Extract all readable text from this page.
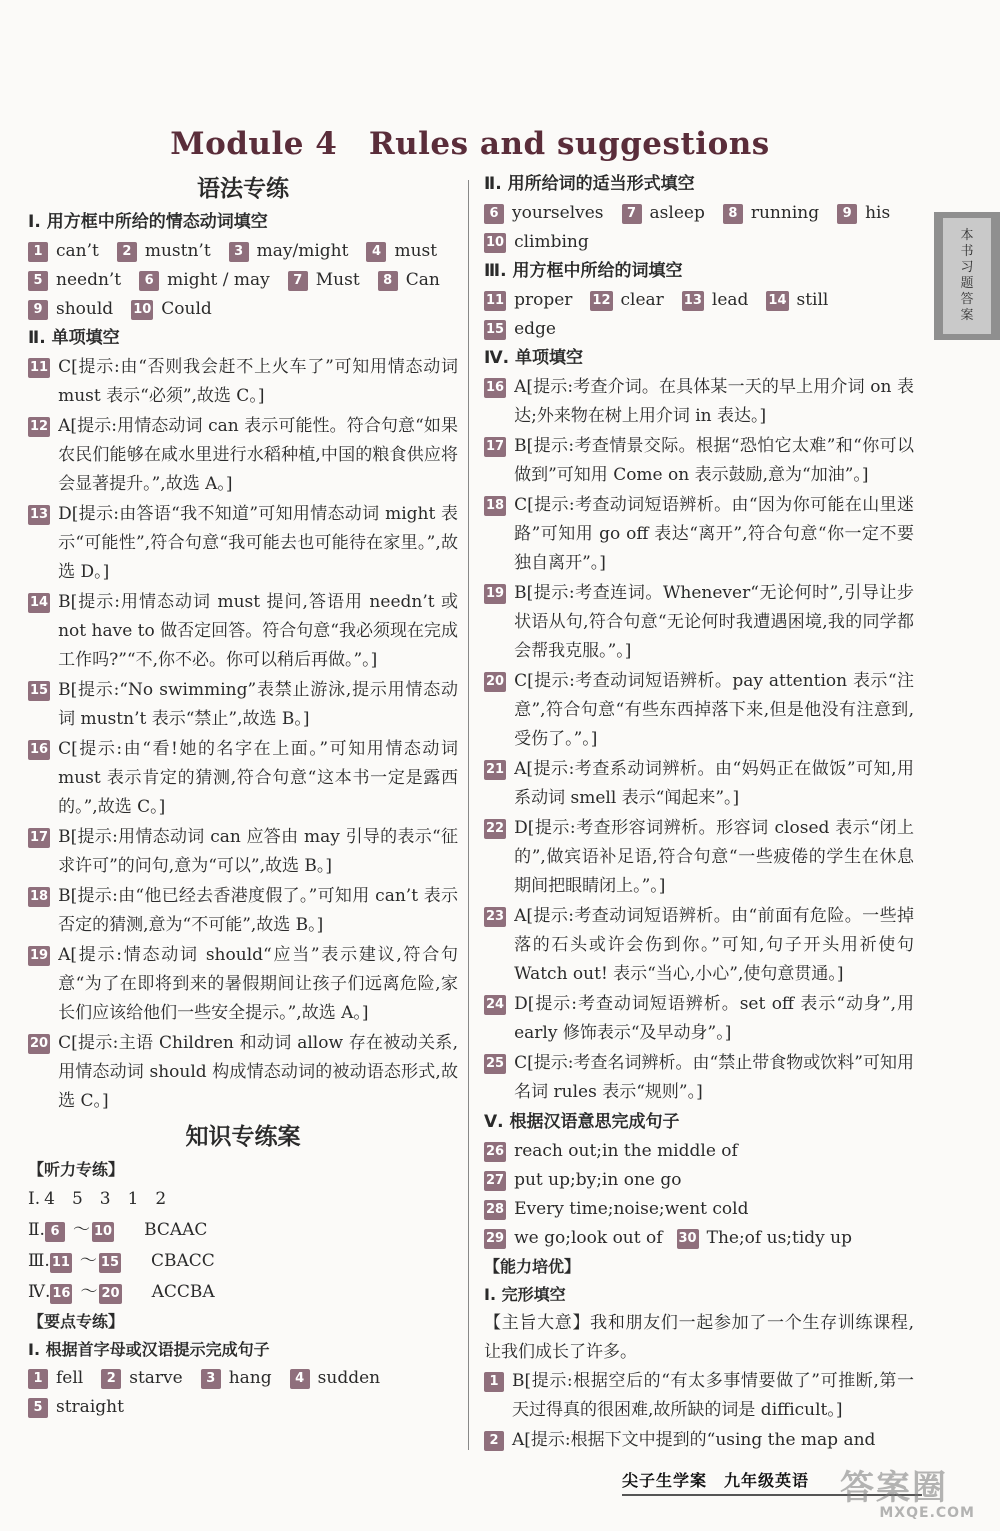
Module 4　Rules and suggestions
本
书
习
题
答
案
语法专练
Ⅰ. 用方框中所给的情态动词填空
1 can’t	2 mustn’t	3 may/might	4 must
5 needn’t	6 might / may	7 Must	8 Can
9 should 10 Could
Ⅱ. 单项填空
11 C[提示:由“否则我会赶不上火车了”可知用情态动词 must 表示“必须”,故选 C。]
12 A[提示:用情态动词 can 表示可能性。符合句意“如果农民们能够在咸水里进行水稻种植,中国的粮食供应将会显著提升。”,故选 A。]
13 D[提示:由答语“我不知道”可知用情态动词 might 表示“可能性”,符合句意“我可能去也可能待在家里。”,故选 D。]
14 B[提示:用情态动词 must 提问,答语用 needn’t 或 not have to 做否定回答。符合句意“我必须现在完成工作吗?”“不,你不必。你可以稍后再做。”。]
15 B[提示:“No swimming”表禁止游泳,提示用情态动词 mustn’t 表示“禁止”,故选 B。]
16 C[提示:由“看!她的名字在上面。”可知用情态动词 must 表示肯定的猜测,符合句意“这本书一定是露西的。”,故选 C。]
17 B[提示:用情态动词 can 应答由 may 引导的表示“征求许可”的问句,意为“可以”,故选 B。]
18 B[提示:由“他已经去香港度假了。”可知用 can’t 表示否定的猜测,意为“不可能”,故选 B。]
19 A[提示:情态动词 should“应当”表示建议,符合句意“为了在即将到来的暑假期间让孩子们远离危险,家长们应该给他们一些安全提示。”,故选 A。]
20 C[提示:主语 Children 和动词 allow 存在被动关系,用情态动词 should 构成情态动词的被动语态形式,故选 C。]
知识专练案
【听力专练】
Ⅰ. 4　5　3　1　2
Ⅱ. 6 ～ 10 BCAAC
Ⅲ. 11 ～ 15 CBACC
Ⅳ. 16 ～ 20 ACCBA
【要点专练】
Ⅰ. 根据首字母或汉语提示完成句子
1 fell	2 starve	3 hang	4 sudden
5 straight
Ⅱ. 用所给词的适当形式填空
6 yourselves	7 asleep	8 running	9 his
10 climbing
Ⅲ. 用方框中所给的词填空
11 proper 12 clear 13 lead 14 still
15 edge
Ⅳ. 单项填空
16 A[提示:考查介词。在具体某一天的早上用介词 on 表达;外来物在树上用介词 in 表达。]
17 B[提示:考查情景交际。根据“恐怕它太难”和“你可以做到”可知用 Come on 表示鼓励,意为“加油”。]
18 C[提示:考查动词短语辨析。由“因为你可能在山里迷路”可知用 go off 表达“离开”,符合句意“你一定不要独自离开”。]
19 B[提示:考查连词。Whenever“无论何时”,引导让步状语从句,符合句意“无论何时我遭遇困境,我的同学都会帮我克服。”。]
20 C[提示:考查动词短语辨析。pay attention 表示“注意”,符合句意“有些东西掉落下来,但是他没有注意到,受伤了。”。]
21 A[提示:考查系动词辨析。由“妈妈正在做饭”可知,用系动词 smell 表示“闻起来”。]
22 D[提示:考查形容词辨析。形容词 closed 表示“闭上的”,做宾语补足语,符合句意“一些疲倦的学生在休息期间把眼睛闭上。”。]
23 A[提示:考查动词短语辨析。由“前面有危险。一些掉落的石头或许会伤到你。”可知,句子开头用祈使句 Watch out! 表示“当心,小心”,使句意贯通。]
24 D[提示:考查动词短语辨析。set off 表示“动身”,用 early 修饰表示“及早动身”。]
25 C[提示:考查名词辨析。由“禁止带食物或饮料”可知用名词 rules 表示“规则”。]
Ⅴ. 根据汉语意思完成句子
26 reach out;in the middle of
27 put up;by;in one go
28 Every time;noise;went cold
29 we go;look out of 30 The;of us;tidy up
【能力培优】
Ⅰ. 完形填空
【主旨大意】我和朋友们一起参加了一个生存训练课程,让我们成长了许多。
1 B[提示:根据空后的“有太多事情要做了”可推断,第一天过得真的很困难,故所缺的词是 difficult。]
2 A[提示:根据下文中提到的“using the map and
尖子生学案　九年级英语 答案圈
MXQE.COM
